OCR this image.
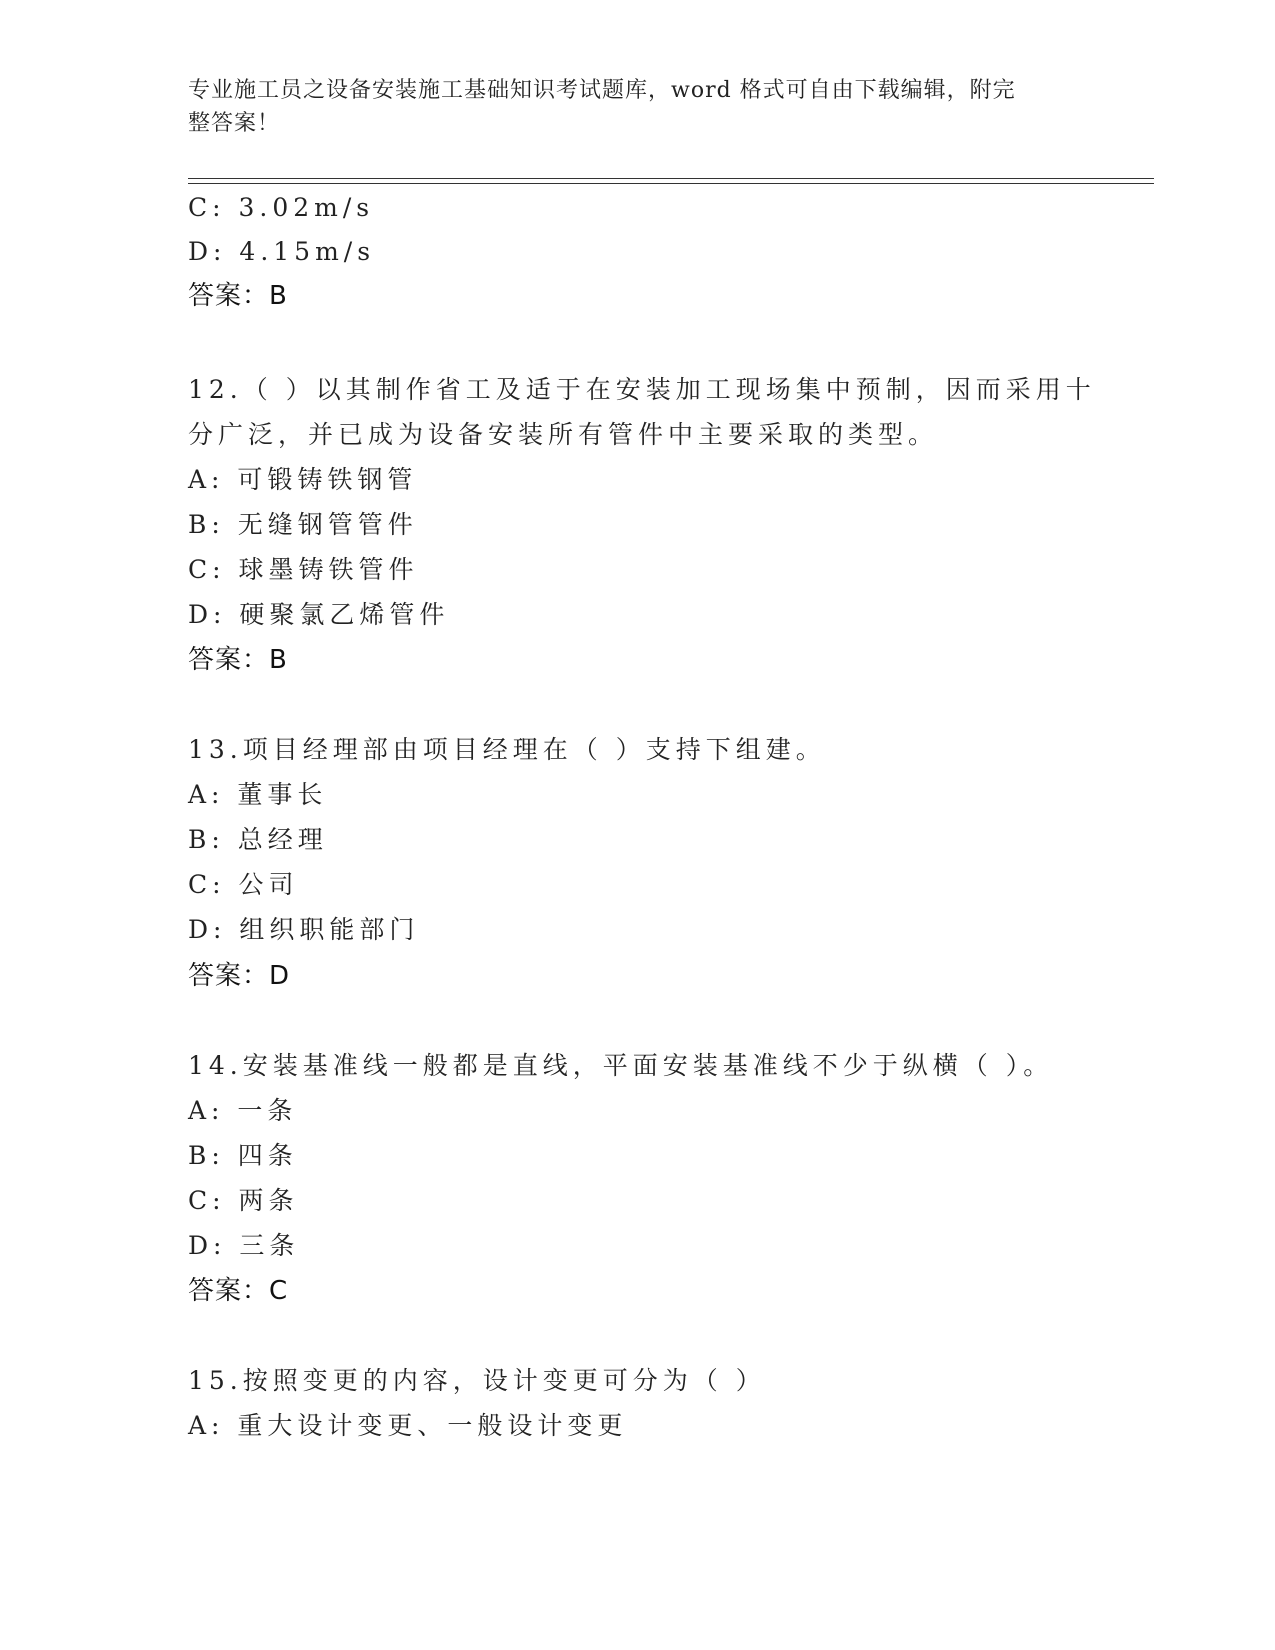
专业施工员之设备安装施工基础知识考试题库，word 格式可自由下载编辑，附完
整答案！
C: 3.02m/s
D: 4.15m/s
答案：B
12.（ ）以其制作省工及适于在安装加工现场集中预制，因而采用十
分广泛，并已成为设备安装所有管件中主要采取的类型。
A: 可锻铸铁钢管
B: 无缝钢管管件
C: 球墨铸铁管件
D: 硬聚氯乙烯管件
答案：B
13.项目经理部由项目经理在（ ）支持下组建。
A: 董事长
B: 总经理
C: 公司
D: 组织职能部门
答案：D
14.安装基准线一般都是直线，平面安装基准线不少于纵横（ ）。
A: 一条
B: 四条
C: 两条
D: 三条
答案：C
15.按照变更的内容，设计变更可分为（ ）
A: 重大设计变更、一般设计变更
